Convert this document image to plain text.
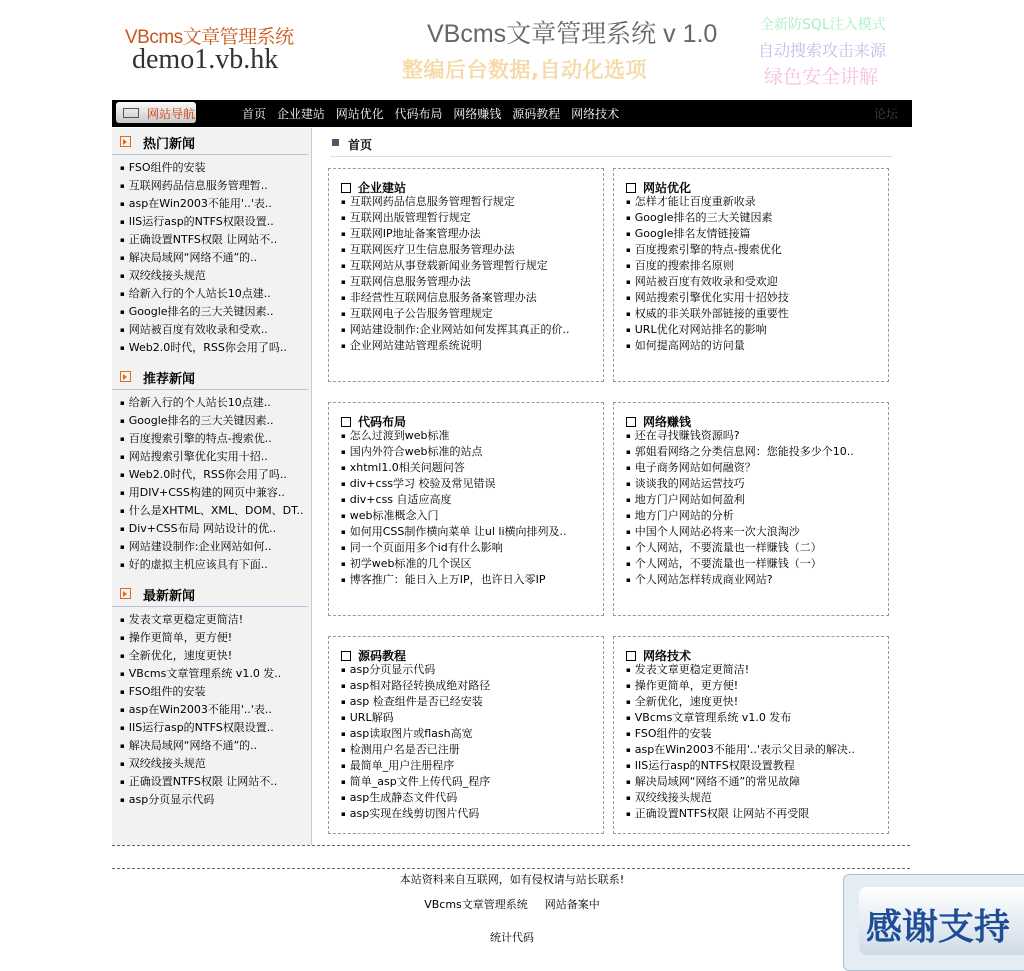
VBcms文章管理系统
demo1.vb.hk
VBcms文章管理系统 v 1.0
整编后台数据,自动化选项
全新防SQL注入模式
自动搜索攻击来源
绿色安全讲解
网站导航	首页 企业建站 网站优化 代码布局 网络赚钱 源码教程 网络技术	论坛
热门新闻
▪ FSO组件的安装
▪ 互联网药品信息服务管理暂..
▪ asp在Win2003不能用'..'表..
▪ IIS运行asp的NTFS权限设置..
▪ 正确设置NTFS权限 让网站不..
▪ 解决局域网“网络不通”的..
▪ 双绞线接头规范
▪ 给新入行的个人站长10点建..
▪ Google排名的三大关键因素..
▪ 网站被百度有效收录和受欢..
▪ Web2.0时代，RSS你会用了吗..
推荐新闻
▪ 给新入行的个人站长10点建..
▪ Google排名的三大关键因素..
▪ 百度搜索引擎的特点-搜索优..
▪ 网站搜索引擎优化实用十招..
▪ Web2.0时代，RSS你会用了吗..
▪ 用DIV+CSS构建的网页中兼容..
▪ 什么是XHTML、XML、DOM、DT..
▪ Div+CSS布局 网站设计的优..
▪ 网站建设制作:企业网站如何..
▪ 好的虚拟主机应该具有下面..
最新新闻
▪ 发表文章更稳定更简洁!
▪ 操作更简单，更方便!
▪ 全新优化，速度更快!
▪ VBcms文章管理系统 v1.0 发..
▪ FSO组件的安装
▪ asp在Win2003不能用'..'表..
▪ IIS运行asp的NTFS权限设置..
▪ 解决局域网“网络不通”的..
▪ 双绞线接头规范
▪ 正确设置NTFS权限 让网站不..
▪ asp分页显示代码
首页
企业建站
▪ 互联网药品信息服务管理暂行规定
▪ 互联网出版管理暂行规定
▪ 互联网IP地址备案管理办法
▪ 互联网医疗卫生信息服务管理办法
▪ 互联网站从事登载新闻业务管理暂行规定
▪ 互联网信息服务管理办法
▪ 非经营性互联网信息服务备案管理办法
▪ 互联网电子公告服务管理规定
▪ 网站建设制作:企业网站如何发挥其真正的价..
▪ 企业网站建站管理系统说明
网站优化
▪ 怎样才能让百度重新收录
▪ Google排名的三大关键因素
▪ Google排名友情链接篇
▪ 百度搜索引擎的特点-搜索优化
▪ 百度的搜索排名原则
▪ 网站被百度有效收录和受欢迎
▪ 网站搜索引擎优化实用十招妙技
▪ 权威的非关联外部链接的重要性
▪ URL优化对网站排名的影响
▪ 如何提高网站的访问量
代码布局
▪ 怎么过渡到web标准
▪ 国内外符合web标准的站点
▪ xhtml1.0相关问题问答
▪ div+css学习 校验及常见错误
▪ div+css 自适应高度
▪ web标准概念入门
▪ 如何用CSS制作横向菜单 让ul li横向排列及..
▪ 同一个页面用多个id有什么影响
▪ 初学web标准的几个误区
▪ 博客推广：能日入上万IP，也许日入零IP
网络赚钱
▪ 还在寻找赚钱资源吗?
▪ 郭姐看网络之分类信息网：您能投多少个10..
▪ 电子商务网站如何融资？
▪ 谈谈我的网站运营技巧
▪ 地方门户网站如何盈利
▪ 地方门户网站的分析
▪ 中国个人网站必将来一次大浪淘沙
▪ 个人网站，不要流量也一样赚钱（二）
▪ 个人网站，不要流量也一样赚钱（一）
▪ 个人网站怎样转成商业网站?
源码教程
▪ asp分页显示代码
▪ asp相对路径转换成绝对路径
▪ asp 检查组件是否已经安装
▪ URL解码
▪ asp读取图片或flash高宽
▪ 检测用户名是否已注册
▪ 最简单_用户注册程序
▪ 简单_asp文件上传代码_程序
▪ asp生成静态文件代码
▪ asp实现在线剪切图片代码
网络技术
▪ 发表文章更稳定更简洁!
▪ 操作更简单，更方便!
▪ 全新优化，速度更快!
▪ VBcms文章管理系统 v1.0 发布
▪ FSO组件的安装
▪ asp在Win2003不能用'..'表示父目录的解决..
▪ IIS运行asp的NTFS权限设置教程
▪ 解决局域网“网络不通”的常见故障
▪ 双绞线接头规范
▪ 正确设置NTFS权限 让网站不再受限
本站资料来自互联网，如有侵权请与站长联系!
VBcms文章管理系统 网站备案中
统计代码	感谢支持
